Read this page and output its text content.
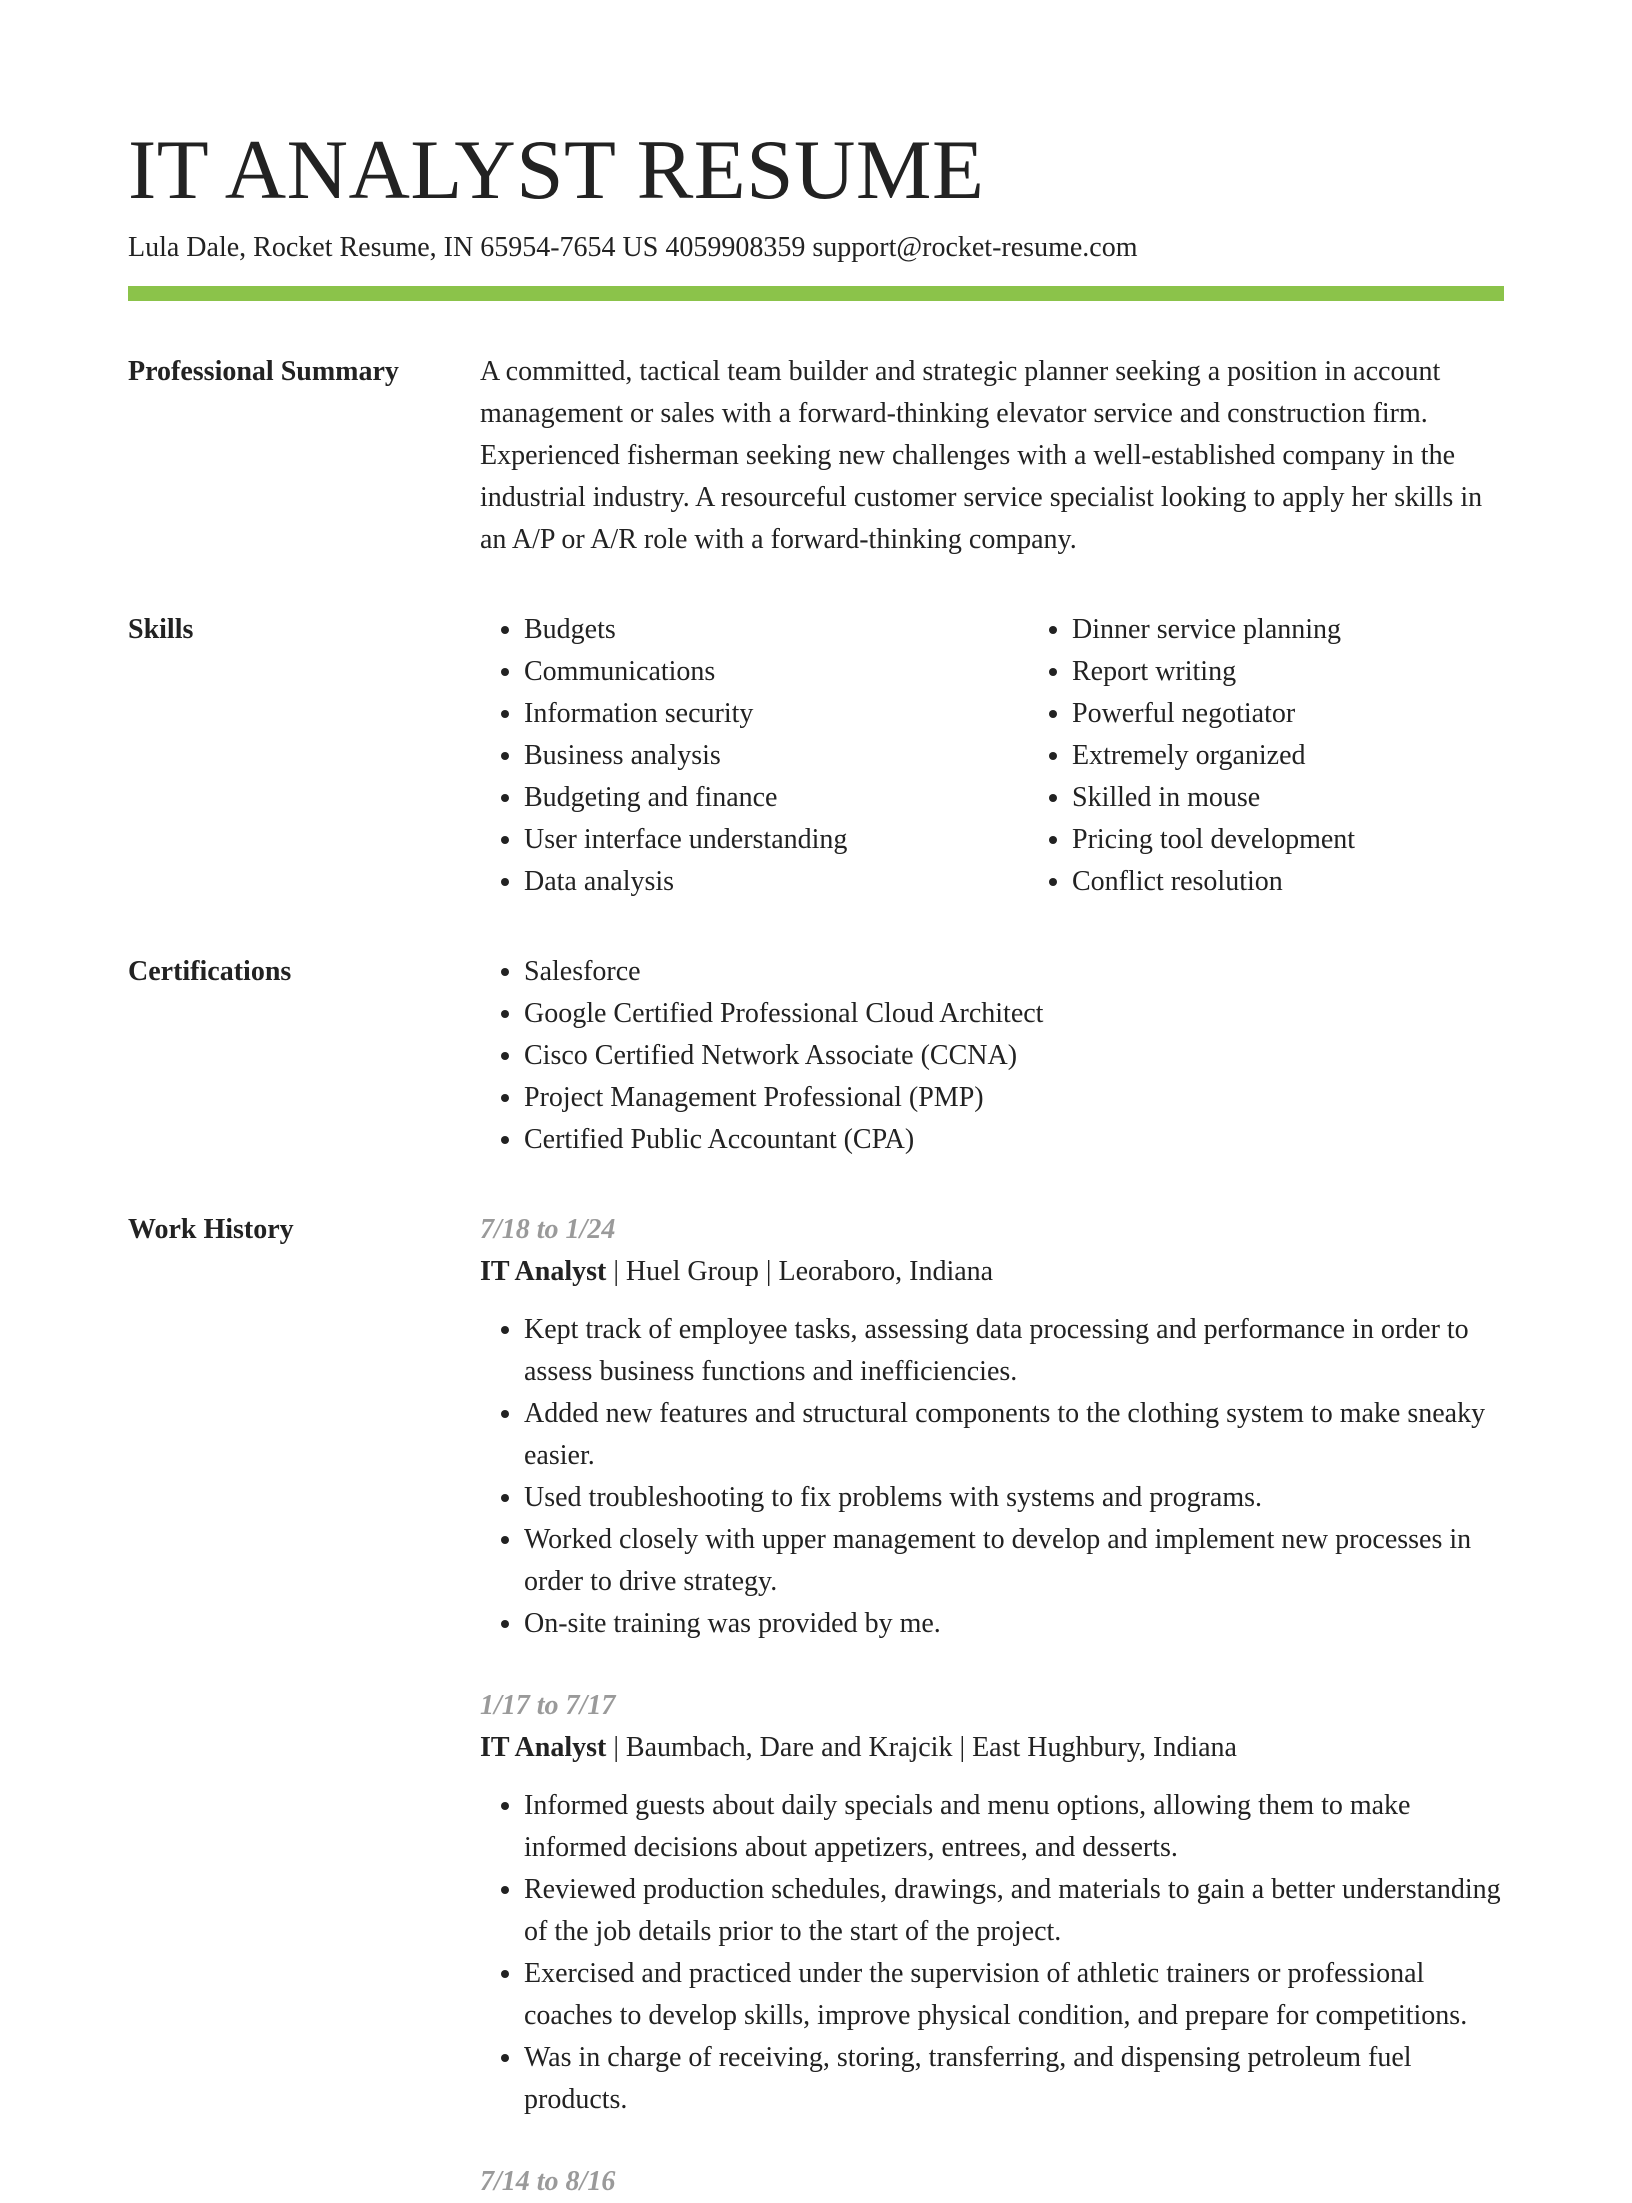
IT ANALYST RESUME
Lula Dale, Rocket Resume, IN 65954-7654 US 4059908359 support@rocket-resume.com
Professional Summary	A committed, tactical team builder and strategic planner seeking a position in account management or sales with a forward-thinking elevator service and construction firm. Experienced fisherman seeking new challenges with a well-established company in the industrial industry. A resourceful customer service specialist looking to apply her skills in an A/P or A/R role with a forward-thinking company.

Skills	• Budgets
• Communications
• Information security
• Business analysis
• Budgeting and finance
• User interface understanding
• Data analysis
• Dinner service planning
• Report writing
• Powerful negotiator
• Extremely organized
• Skilled in mouse
• Pricing tool development
• Conflict resolution
Certifications	• Salesforce
• Google Certified Professional Cloud Architect
• Cisco Certified Network Associate (CCNA)
• Project Management Professional (PMP)
• Certified Public Accountant (CPA)
Work History	7/18 to 1/24
IT Analyst | Huel Group | Leoraboro, Indiana
• Kept track of employee tasks, assessing data processing and performance in order to assess business functions and inefficiencies.
• Added new features and structural components to the clothing system to make sneaky easier.
• Used troubleshooting to fix problems with systems and programs.
• Worked closely with upper management to develop and implement new processes in order to drive strategy.
• On-site training was provided by me.
1/17 to 7/17
IT Analyst | Baumbach, Dare and Krajcik | East Hughbury, Indiana
• Informed guests about daily specials and menu options, allowing them to make informed decisions about appetizers, entrees, and desserts.
• Reviewed production schedules, drawings, and materials to gain a better understanding of the job details prior to the start of the project.
• Exercised and practiced under the supervision of athletic trainers or professional coaches to develop skills, improve physical condition, and prepare for competitions.
• Was in charge of receiving, storing, transferring, and dispensing petroleum fuel products.
7/14 to 8/16
